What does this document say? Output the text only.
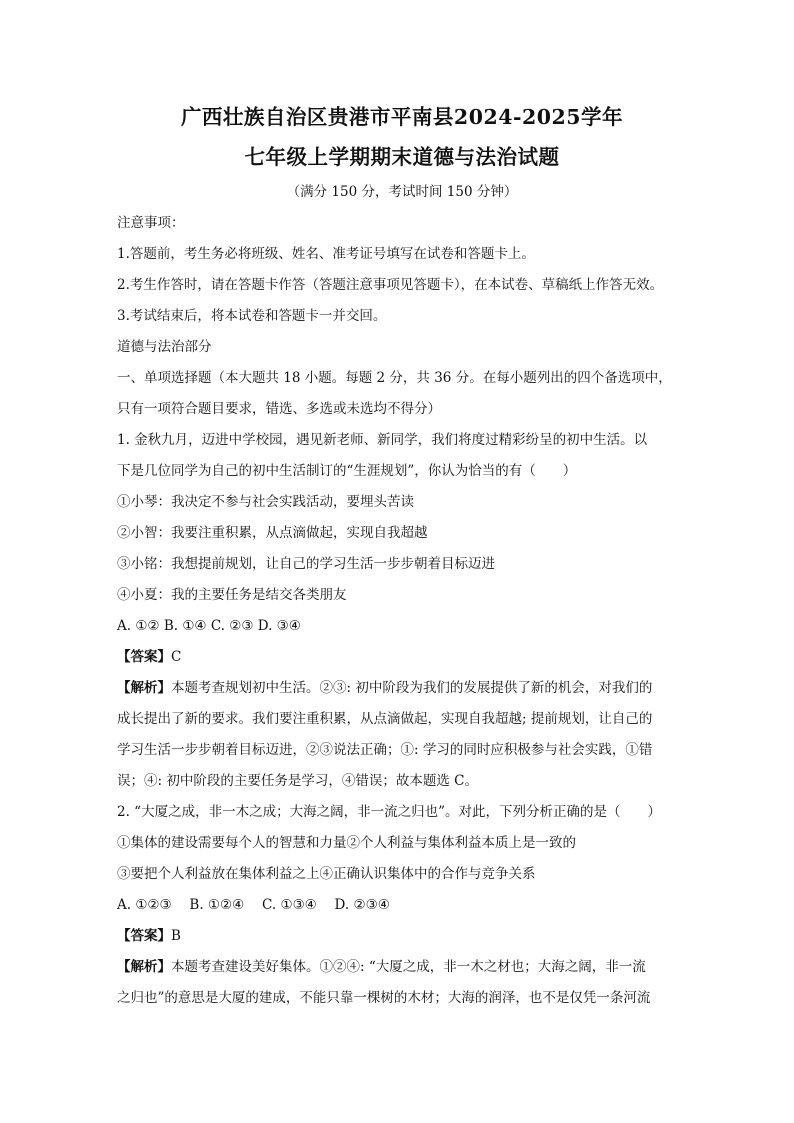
广西壮族自治区贵港市平南县2024-2025学年
七年级上学期期末道德与法治试题
（满分 150 分，考试时间 150 分钟）

注意事项：

1.答题前，考生务必将班级、姓名、准考证号填写在试卷和答题卡上。

2.考生作答时，请在答题卡作答（答题注意事项见答题卡），在本试卷、草稿纸上作答无效。

3.考试结束后，将本试卷和答题卡一并交回。

道德与法治部分

一、单项选择题（本大题共 18 小题。每题 2 分，共 36 分。在每小题列出的四个备选项中，

只有一项符合题目要求，错选、多选或未选均不得分）

1. 金秋九月，迈进中学校园，遇见新老师、新同学，我们将度过精彩纷呈的初中生活。以

下是几位同学为自己的初中生活制订的“生涯规划”，你认为恰当的有（　　）

①小琴：我决定不参与社会实践活动，要埋头苦读

②小智：我要注重积累，从点滴做起，实现自我超越

③小铭：我想提前规划，让自己的学习生活一步步朝着目标迈进

④小夏：我的主要任务是结交各类朋友

A. ①② B. ①④ C. ②③ D. ③④

【答案】C

【解析】本题考查规划初中生活。②③: 初中阶段为我们的发展提供了新的机会，对我们的

成长提出了新的要求。我们要注重积累，从点滴做起，实现自我超越; 提前规划，让自己的

学习生活一步步朝着目标迈进，②③说法正确；①: 学习的同时应积极参与社会实践，①错

误；④: 初中阶段的主要任务是学习，④错误；故本题选 C。

2. “大厦之成，非一木之成；大海之阔，非一流之归也”。对此，下列分析正确的是（　　）

①集体的建设需要每个人的智慧和力量②个人利益与集体利益本质上是一致的

③要把个人利益放在集体利益之上④正确认识集体中的合作与竞争关系

A. ①②③　 B. ①②④　 C. ①③④　 D. ②③④

【答案】B

【解析】本题考查建设美好集体。①②④: “大厦之成，非一木之材也；大海之阔，非一流

之归也”的意思是大厦的建成，不能只靠一棵树的木材；大海的润泽，也不是仅凭一条河流
